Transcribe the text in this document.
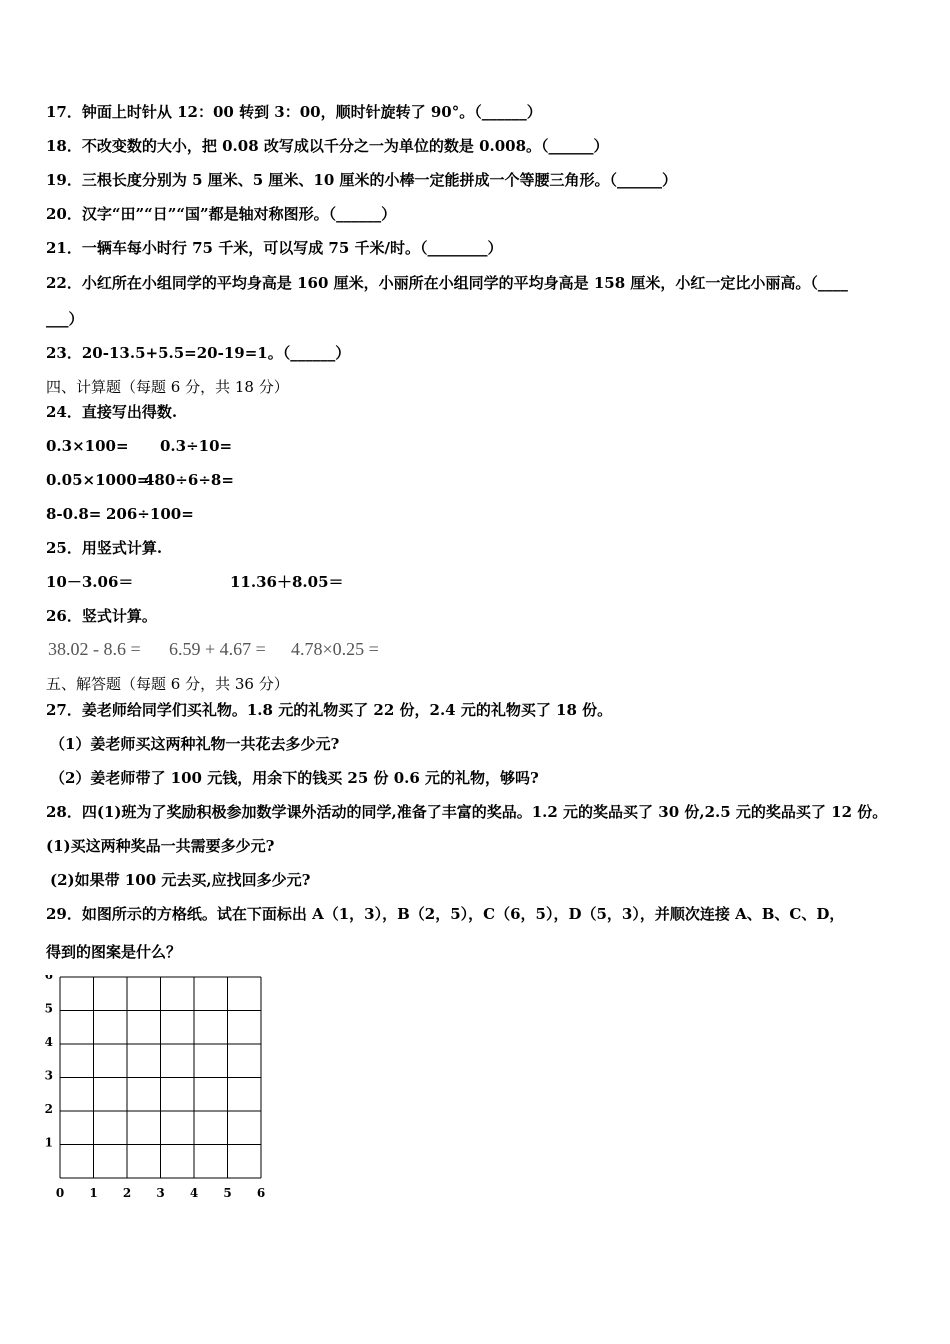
17．钟面上时针从 12：00 转到 3：00，顺时针旋转了 90°。（______）
18．不改变数的大小，把 0.08 改写成以千分之一为单位的数是 0.008。（______）
19．三根长度分别为 5 厘米、5 厘米、10 厘米的小棒一定能拼成一个等腰三角形。（______）
20．汉字“田”“日”“国”都是轴对称图形。（______）
21．一辆车每小时行 75 千米，可以写成 75 千米/时。（________）
22．小红所在小组同学的平均身高是 160 厘米，小丽所在小组同学的平均身高是 158 厘米，小红一定比小丽高。（____
___）
23．20-13.5+5.5=20-19=1。（______）
四、计算题（每题 6 分，共 18 分）
24．直接写出得数.
0.3×100= 0.3÷10=
0.05×1000=
480÷6÷8=
8-0.8= 206÷100=
25．用竖式计算.
10－3.06＝	11.36＋8.05＝
26．竖式计算。
38.02 - 8.6 = 6.59 + 4.67 = 4.78×0.25 =
五、解答题（每题 6 分，共 36 分）
27．姜老师给同学们买礼物。1.8 元的礼物买了 22 份，2.4 元的礼物买了 18 份。
（1）姜老师买这两种礼物一共花去多少元?
（2）姜老师带了 100 元钱，用余下的钱买 25 份 0.6 元的礼物，够吗?
28．四(1)班为了奖励积极参加数学课外活动的同学,准备了丰富的奖品。1.2 元的奖品买了 30 份,2.5 元的奖品买了 12 份。
(1)买这两种奖品一共需要多少元?
(2)如果带 100 元去买,应找回多少元?
29．如图所示的方格纸。试在下面标出 A（1，3），B（2，5），C（6，5），D（5，3），并顺次连接 A、B、C、D，
得到的图案是什么？
0 1 2 3 4 5 6
1
2
3
4
5
6
